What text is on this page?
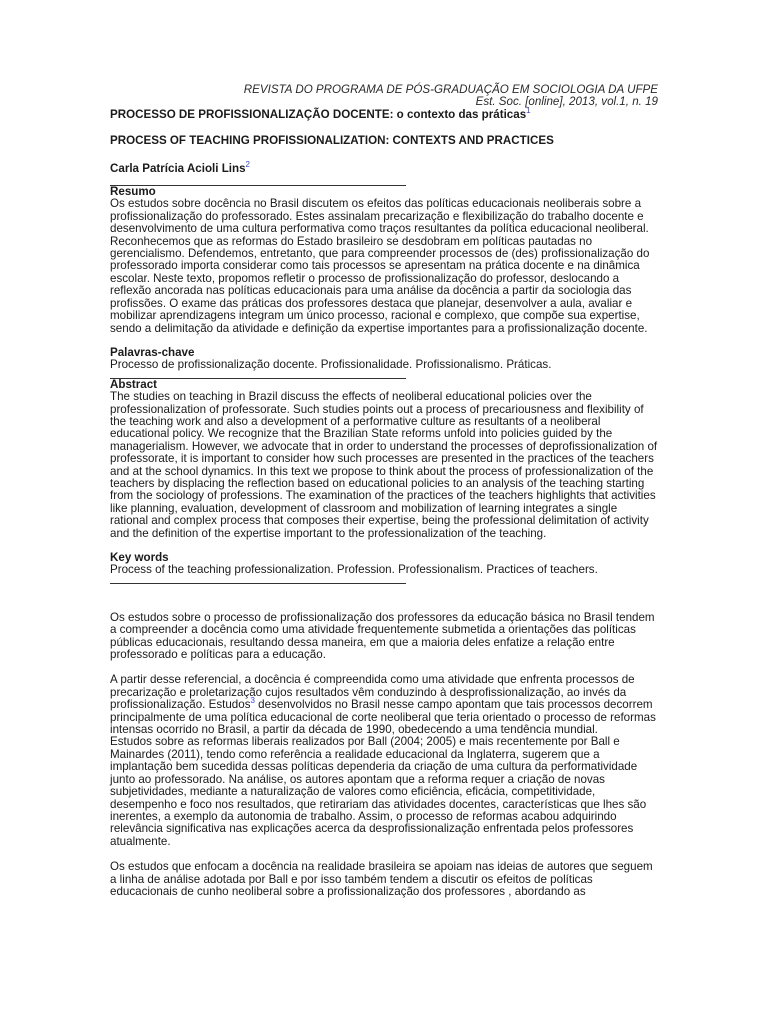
REVISTA DO PROGRAMA DE PÓS-GRADUAÇÃO EM SOCIOLOGIA DA UFPE
Est. Soc. [online], 2013, vol.1, n. 19
PROCESSO DE PROFISSIONALIZAÇÃO DOCENTE: o contexto das práticas$^1$
PROCESS OF TEACHING PROFISSIONALIZATION: CONTEXTS AND PRACTICES
Carla Patrícia Acioli Lins$^2$
Resumo

Os estudos sobre docência no Brasil discutem os efeitos das políticas educacionais neoliberais sobre a profissionalização do professorado. Estes assinalam precarização e flexibilização do trabalho docente e desenvolvimento de uma cultura performativa como traços resultantes da política educacional neoliberal. Reconhecemos que as reformas do Estado brasileiro se desdobram em políticas pautadas no gerencialismo. Defendemos, entretanto, que para compreender processos de (des) profissionalização do professorado importa considerar como tais processos se apresentam na prática docente e na dinâmica escolar. Neste texto, propomos refletir o processo de profissionalização do professor, deslocando a reflexão ancorada nas políticas educacionais para uma análise da docência a partir da sociologia das profissões. O exame das práticas dos professores destaca que planejar, desenvolver a aula, avaliar e mobilizar aprendizagens integram um único processo, racional e complexo, que compõe sua expertise, sendo a delimitação da atividade e definição da expertise importantes para a profissionalização docente.

Palavras-chave

Processo de profissionalização docente. Profissionalidade. Profissionalismo. Práticas.

Abstract

The studies on teaching in Brazil discuss the effects of neoliberal educational policies over the professionalization of professorate. Such studies points out a process of precariousness and flexibility of the teaching work and also a development of a performative culture as resultants of a neoliberal educational policy. We recognize that the Brazilian State reforms unfold into policies guided by the managerialism. However, we advocate that in order to understand the processes of deprofissionalization of professorate, it is important to consider how such processes are presented in the practices of the teachers and at the school dynamics. In this text we propose to think about the process of professionalization of the teachers by displacing the reflection based on educational policies to an analysis of the teaching starting from the sociology of professions. The examination of the practices of the teachers highlights that activities like planning, evaluation, development of classroom and mobilization of learning integrates a single rational and complex process that composes their expertise, being the professional delimitation of activity and the definition of the expertise important to the professionalization of the teaching.

Key words

Process of the teaching professionalization. Profession. Professionalism. Practices of teachers.

Os estudos sobre o processo de profissionalização dos professores da educação básica no Brasil tendem a compreender a docência como uma atividade frequentemente submetida a orientações das políticas públicas educacionais, resultando dessa maneira, em que a maioria deles enfatize a relação entre professorado e políticas para a educação.

A partir desse referencial, a docência é compreendida como uma atividade que enfrenta processos de precarização e proletarização cujos resultados vêm conduzindo à desprofissionalização, ao invés da profissionalização. Estudos$^3$ desenvolvidos no Brasil nesse campo apontam que tais processos decorrem principalmente de uma política educacional de corte neoliberal que teria orientado o processo de reformas intensas ocorrido no Brasil, a partir da década de 1990, obedecendo a uma tendência mundial.
Estudos sobre as reformas liberais realizados por Ball (2004; 2005) e mais recentemente por Ball e Mainardes (2011), tendo como referência a realidade educacional da Inglaterra, sugerem que a implantação bem sucedida dessas políticas dependeria da criação de uma cultura da performatividade junto ao professorado. Na análise, os autores apontam que a reforma requer a criação de novas subjetividades, mediante a naturalização de valores como eficiência, eficácia, competitividade, desempenho e foco nos resultados, que retirariam das atividades docentes, características que lhes são inerentes, a exemplo da autonomia de trabalho. Assim, o processo de reformas acabou adquirindo relevância significativa nas explicações acerca da desprofissionalização enfrentada pelos professores atualmente.

Os estudos que enfocam a docência na realidade brasileira se apoiam nas ideias de autores que seguem a linha de análise adotada por Ball e por isso também tendem a discutir os efeitos de políticas educacionais de cunho neoliberal sobre a profissionalização dos professores , abordando as
